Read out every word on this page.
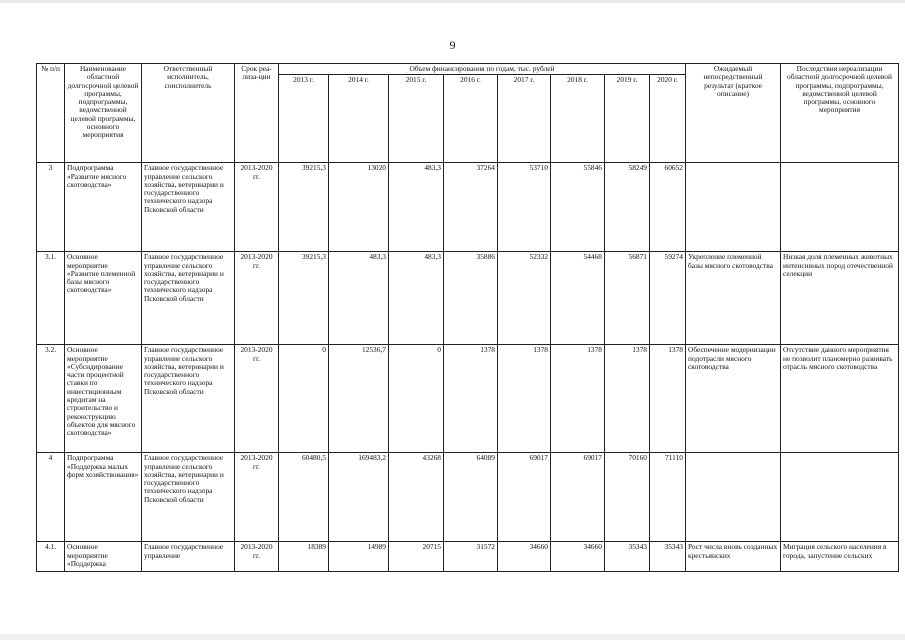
9
№ п/п	Наименование областной долгосрочной целевой программы, подпрограммы, ведомственной целевой программы, основного мероприятия	Ответственный исполнитель, соисполнитель	Срок реа-лиза-ции	Объем финансирования по годам, тыс. рублей								Ожидаемый непосредственный результат (краткое описание)	Последствия нереализации областной долгосрочной целевой программы, подпрограммы, ведомственной целевой программы, основного мероприятия
				2013 г.	2014 г.	2015 г.	2016 г.	2017 г.	2018 г.	2019 г.	2020 г.		
3	Подпрограмма «Развитие мясного скотоводства»	Главное государственное управление сельского хозяйства, ветеринарии и государственного технического надзора Псковской области	2013-2020 гг.	39215,3	13020	483,3	37264	53710	55846	58249	60652		
3.1.	Основное мероприятие «Развитие племенной базы мясного скотоводства»	Главное государственное управление сельского хозяйства, ветеринарии и государственного технического надзора Псковской области	2013-2020 гг.	39215,3	483,3	483,3	35886	52332	54468	56871	59274	Укрепление племенной базы мясного скотоводства	Низкая доля племенных животных интенсивных пород отечественной селекции
3.2.	Основное мероприятие «Субсидирование части процентной ставки по инвестиционным кредитам на строительство и реконструкцию объектов для мясного скотоводства»	Главное государственное управление сельского хозяйства, ветеринарии и государственного технического надзора Псковской области	2013-2020 гг.	0	12536,7	0	1378	1378	1378	1378	1378	Обеспечение модернизации подотрасли мясного скотоводства	Отсутствие данного мероприятия не позволит планомерно развивать отрасль мясного скотоводства
4	Подпрограмма «Поддержка малых форм хозяйствования»	Главное государственное управление сельского хозяйства, ветеринарии и государственного технического надзора Псковской области	2013-2020 гг.	60480,5	169483,2	43268	64089	69017	69017	70160	71110		
4.1.	Основное мероприятие «Поддержка	Главное государственное управление	2013-2020 гг.	18389	14989	20715	31572	34660	34660	35343	35343	Рост числа вновь созданных крестьянских	Миграция сельского населения в города, запустение сельских
